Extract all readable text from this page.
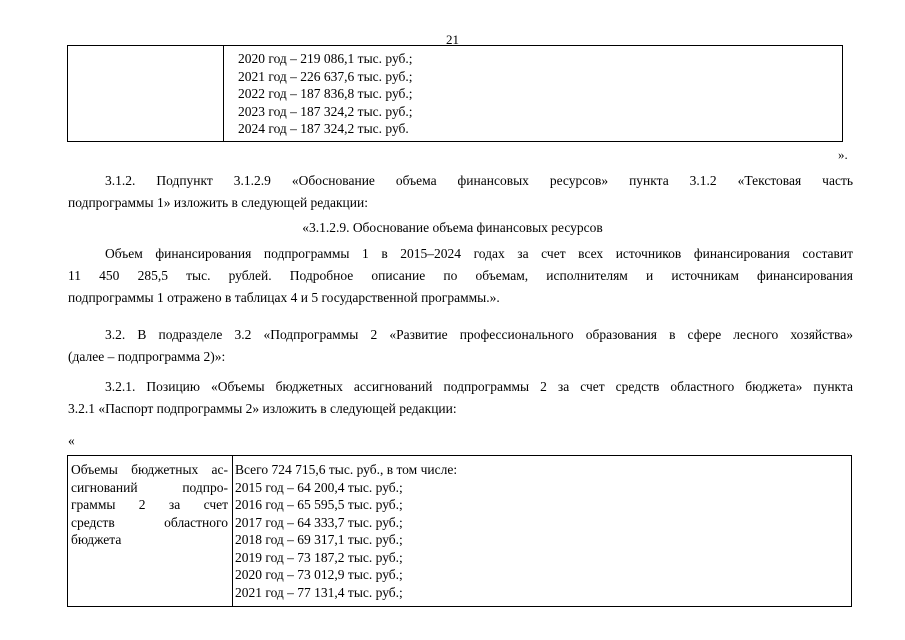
21
2020 год – 219 086,1 тыс. руб.;
2021 год – 226 637,6 тыс. руб.;
2022 год – 187 836,8 тыс. руб.;
2023 год – 187 324,2 тыс. руб.;
2024 год – 187 324,2 тыс. руб.
».
3.1.2. Подпункт 3.1.2.9 «Обоснование объема финансовых ресурсов» пункта 3.1.2 «Текстовая часть
подпрограммы 1» изложить в следующей редакции:
«3.1.2.9. Обоснование объема финансовых ресурсов
Объем финансирования подпрограммы 1 в 2015–2024 годах за счет всех источников финансирования составит
11 450 285,5 тыс. рублей. Подробное описание по объемам, исполнителям и источникам финансирования
подпрограммы 1 отражено в таблицах 4 и 5 государственной программы.».
3.2. В подразделе 3.2 «Подпрограммы 2 «Развитие профессионального образования в сфере лесного хозяйства»
(далее – подпрограмма 2)»:
3.2.1. Позицию «Объемы бюджетных ассигнований подпрограммы 2 за счет средств областного бюджета» пункта
3.2.1 «Паспорт подпрограммы 2» изложить в следующей редакции:
«
Объемы бюджетных ас-
сигнований	подпро-
граммы 2 за счет
средств	областного
бюджета
Всего 724 715,6 тыс. руб., в том числе:
2015 год – 64 200,4 тыс. руб.;
2016 год – 65 595,5 тыс. руб.;
2017 год – 64 333,7 тыс. руб.;
2018 год – 69 317,1 тыс. руб.;
2019 год – 73 187,2 тыс. руб.;
2020 год – 73 012,9 тыс. руб.;
2021 год – 77 131,4 тыс. руб.;
